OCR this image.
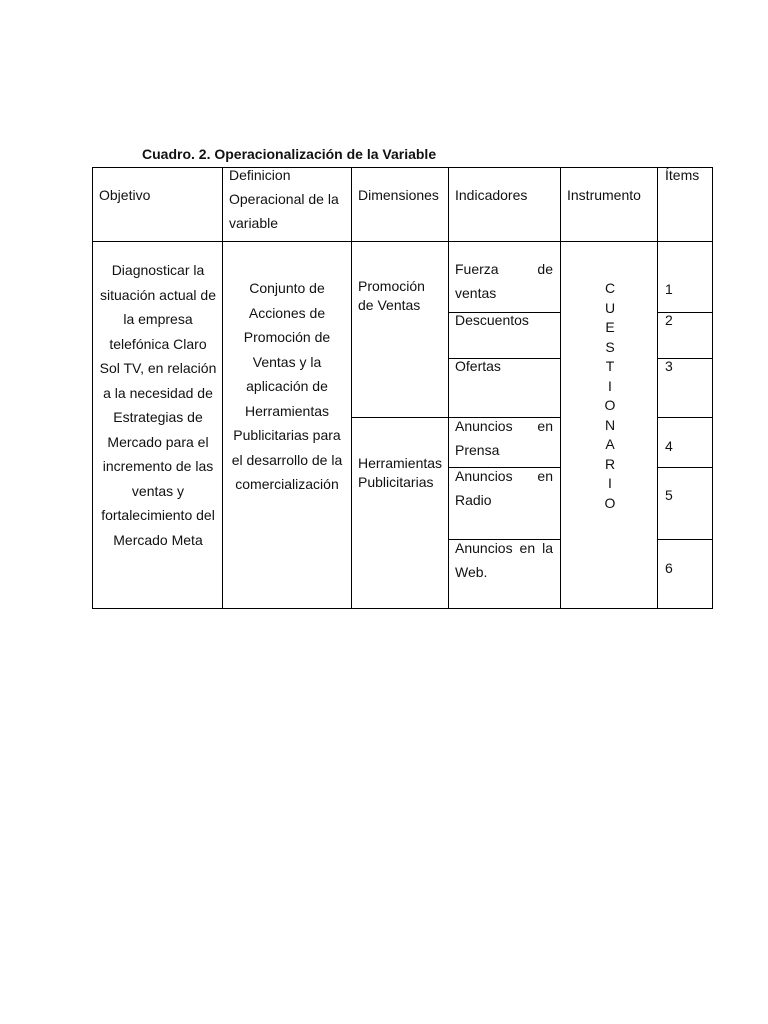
Cuadro. 2. Operacionalización de la Variable
Objetivo
Definicion
Operacional de la
variable
Dimensiones Indicadores	Instrumento
Ítems
Diagnosticar la
situación actual de
la empresa
telefónica Claro
Sol TV, en relación
a la necesidad de
Estrategias de
Mercado para el
incremento de las
ventas y
fortalecimiento del
Mercado Meta
Conjunto de
Acciones de
Promoción de
Ventas y la
aplicación de
Herramientas
Publicitarias para
el desarrollo de la
comercialización
Promoción
de Ventas
Herramientas
Publicitarias
Fuerza de
ventas
Descuentos
Ofertas
Anuncios en
Prensa
Anuncios en
Radio
Anuncios en la
Web.
C
U
E
S
T
I
O
N
A
R
I
O
1
2
3
4
5
6
